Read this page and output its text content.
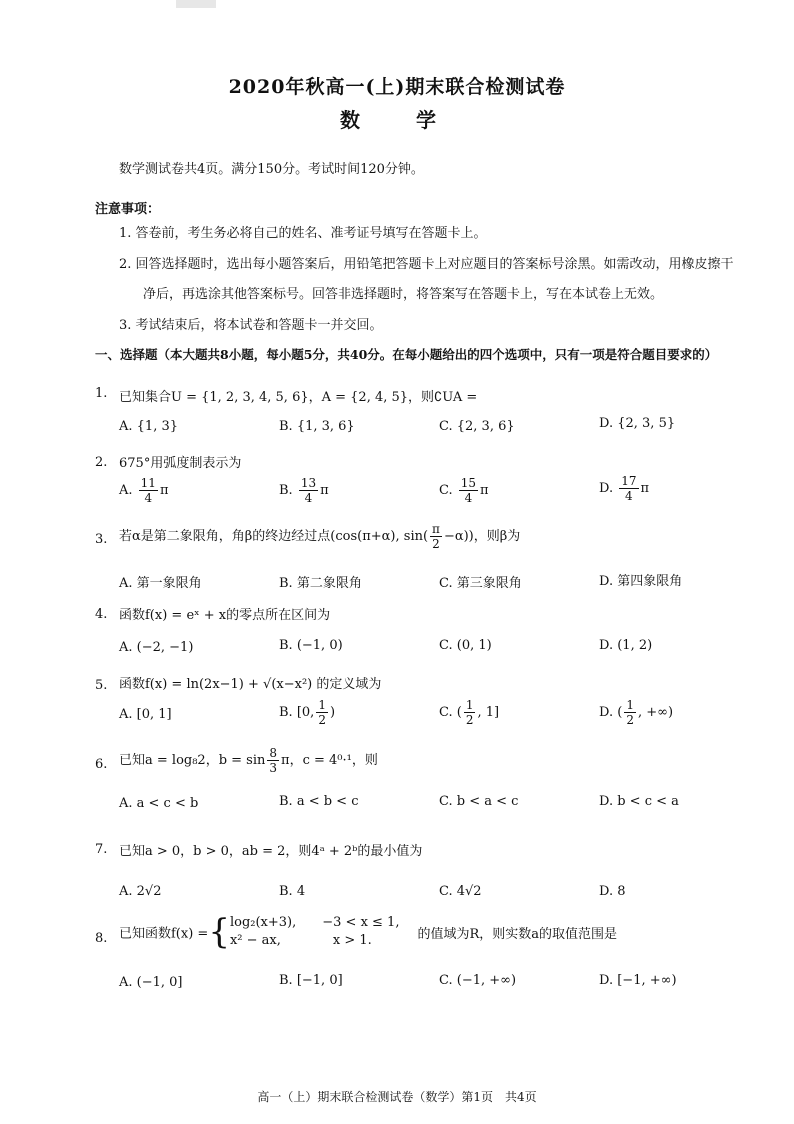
2020年秋高一(上)期末联合检测试卷
数　学
数学测试卷共4页。满分150分。考试时间120分钟。
注意事项：
1. 答卷前，考生务必将自己的姓名、准考证号填写在答题卡上。
2. 回答选择题时，选出每小题答案后，用铅笔把答题卡上对应题目的答案标号涂黑。如需改动，用橡皮擦干
净后，再选涂其他答案标号。回答非选择题时，将答案写在答题卡上，写在本试卷上无效。
3. 考试结束后，将本试卷和答题卡一并交回。
一、选择题（本大题共8小题，每小题5分，共40分。在每小题给出的四个选项中，只有一项是符合题目要求的）
1. 已知集合U = {1, 2, 3, 4, 5, 6}，A = {2, 4, 5}，则∁UA =
A. {1, 3}	B. {1, 3, 6}	C. {2, 3, 6}	D. {2, 3, 5}
2. 675°用弧度制表示为
A. $\frac{11}{4}$ π	B. $\frac{13}{4}$ π	C. $\frac{15}{4}$ π	D. $\frac{17}{4}$ π
3. 若α是第二象限角，角β的终边经过点(cos(π+α), $\sin( \frac{\pi}{2} -\alpha)$)，则β为
A. 第一象限角	B. 第二象限角	C. 第三象限角	D. 第四象限角
4. 函数f(x) = eˣ + x的零点所在区间为
A. (−2, −1)	B. (−1, 0)	C. (0, 1)	D. (1, 2)
5. 函数f(x) = ln(2x−1) + √(x−x²) 的定义域为
A. [0, 1]	B. [0, $\frac{1}{2}$ )	C. ( $\frac{1}{2}$ , 1]	D. ( $\frac{1}{2}$ , +∞)
6. 已知a = log₈2，$b = \sin \frac{8}{3}$ π，c = 4⁰·¹，则
A. a < c < b	B. a < b < c	C. b < a < c	D. b < c < a
7. 已知a > 0，b > 0，ab = 2，则4ᵃ + 2ᵇ的最小值为
A. 2√2	B. 4	C. 4√2	D. 8
8. 已知函数f(x) ={ log₂(x+3),　　−3 < x ≤ 1,
x² − ax,　　　　x > 1.	的值域为R，则实数a的取值范围是
A. (−1, 0]	B. [−1, 0]	C. (−1, +∞)	D. [−1, +∞)
高一（上）期末联合检测试卷（数学）第1页　共4页
